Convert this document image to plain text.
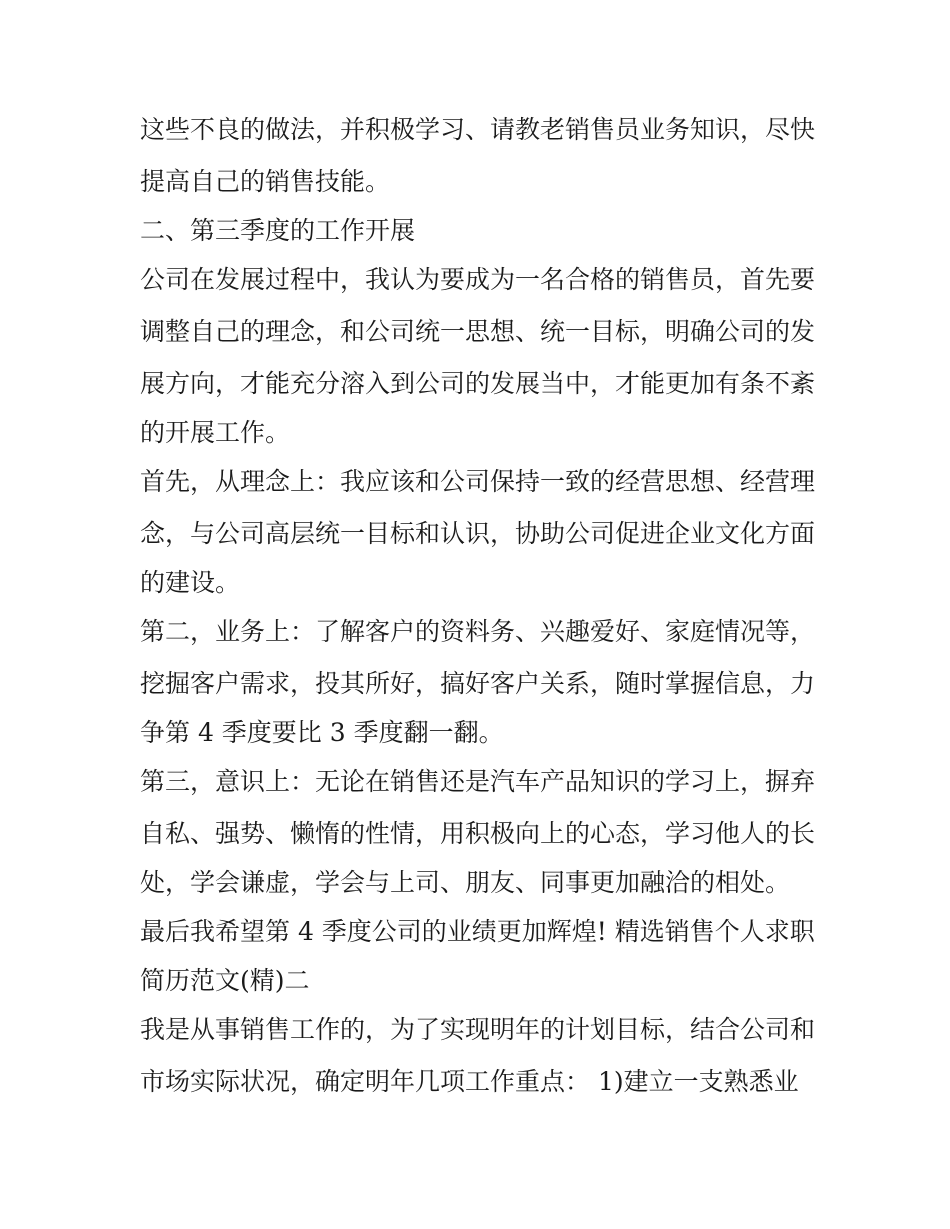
这些不良的做法，并积极学习、请教老销售员业务知识，尽快
提高自己的销售技能。
二、第三季度的工作开展
公司在发展过程中，我认为要成为一名合格的销售员，首先要
调整自己的理念，和公司统一思想、统一目标，明确公司的发
展方向，才能充分溶入到公司的发展当中，才能更加有条不紊
的开展工作。
首先，从理念上：我应该和公司保持一致的经营思想、经营理
念，与公司高层统一目标和认识，协助公司促进企业文化方面
的建设。
第二，业务上：了解客户的资料务、兴趣爱好、家庭情况等，
挖掘客户需求，投其所好，搞好客户关系，随时掌握信息，力
争第 4 季度要比 3 季度翻一翻。
第三，意识上：无论在销售还是汽车产品知识的学习上，摒弃
自私、强势、懒惰的性情，用积极向上的心态，学习他人的长
处，学会谦虚，学会与上司、朋友、同事更加融洽的相处。
最后我希望第 4 季度公司的业绩更加辉煌! 精选销售个人求职
简历范文(精)二
我是从事销售工作的，为了实现明年的计划目标，结合公司和
市场实际状况，确定明年几项工作重点： 1)建立一支熟悉业
